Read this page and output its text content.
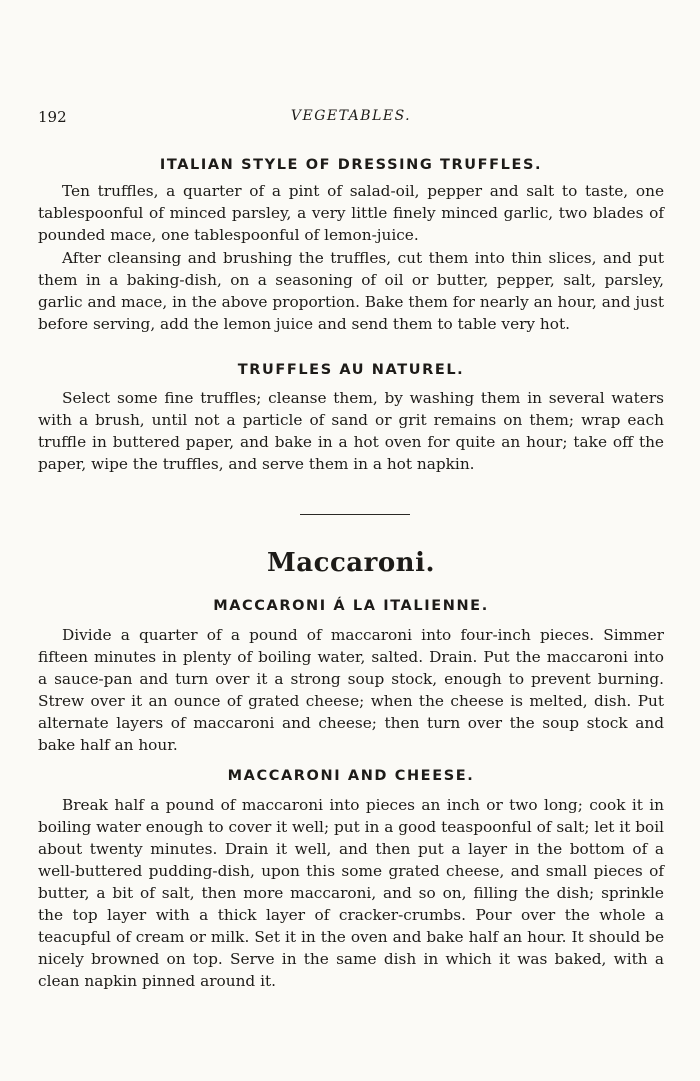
192	VEGETABLES.
ITALIAN STYLE OF DRESSING TRUFFLES.

Ten truffles, a quarter of a pint of salad-oil, pepper and salt to taste, one tablespoonful of minced parsley, a very little finely minced garlic, two blades of pounded mace, one tablespoonful of lemon-juice.

After cleansing and brushing the truffles, cut them into thin slices, and put them in a baking-dish, on a seasoning of oil or butter, pepper, salt, parsley, garlic and mace, in the above proportion. Bake them for nearly an hour, and just before serving, add the lemon juice and send them to table very hot.

TRUFFLES AU NATUREL.

Select some fine truffles; cleanse them, by washing them in several waters with a brush, until not a particle of sand or grit remains on them; wrap each truffle in buttered paper, and bake in a hot oven for quite an hour; take off the paper, wipe the truffles, and serve them in a hot napkin.

Maccaroni.
MACCARONI Á LA ITALIENNE.

Divide a quarter of a pound of maccaroni into four-inch pieces. Simmer fifteen minutes in plenty of boiling water, salted. Drain. Put the maccaroni into a sauce-pan and turn over it a strong soup stock, enough to prevent burning. Strew over it an ounce of grated cheese; when the cheese is melted, dish. Put alternate layers of maccaroni and cheese; then turn over the soup stock and bake half an hour.

MACCARONI AND CHEESE.

Break half a pound of maccaroni into pieces an inch or two long; cook it in boiling water enough to cover it well; put in a good teaspoonful of salt; let it boil about twenty minutes. Drain it well, and then put a layer in the bottom of a well-buttered pudding-dish, upon this some grated cheese, and small pieces of butter, a bit of salt, then more maccaroni, and so on, filling the dish; sprinkle the top layer with a thick layer of cracker-crumbs. Pour over the whole a teacupful of cream or milk. Set it in the oven and bake half an hour. It should be nicely browned on top. Serve in the same dish in which it was baked, with a clean napkin pinned around it.
